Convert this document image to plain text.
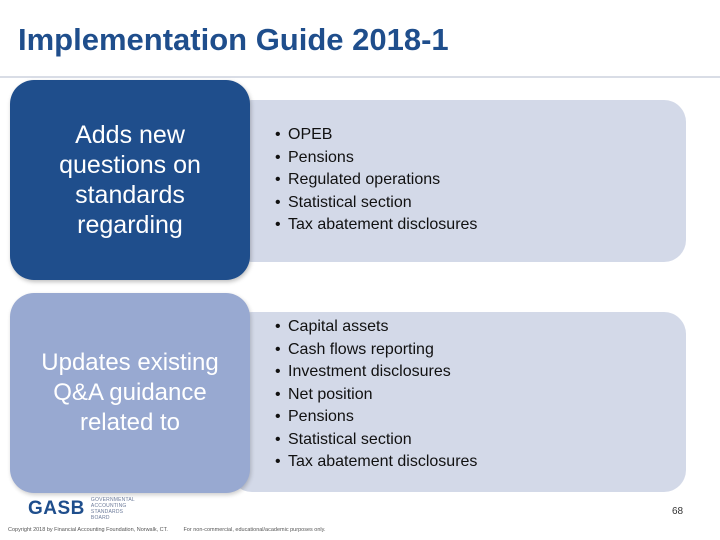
Implementation Guide 2018-1
• OPEB
• Pensions
• Regulated operations
• Statistical section
• Tax abatement disclosures
Adds new questions on standards regarding
• Capital assets
• Cash flows reporting
• Investment disclosures
• Net position
• Pensions
• Statistical section
• Tax abatement disclosures
Updates existing Q&A guidance related to
GASB GOVERNMENTAL ACCOUNTING STANDARDS BOARD
68
Copyright 2018 by Financial Accounting Foundation, Norwalk, CT.	For non-commercial, educational/academic purposes only.
